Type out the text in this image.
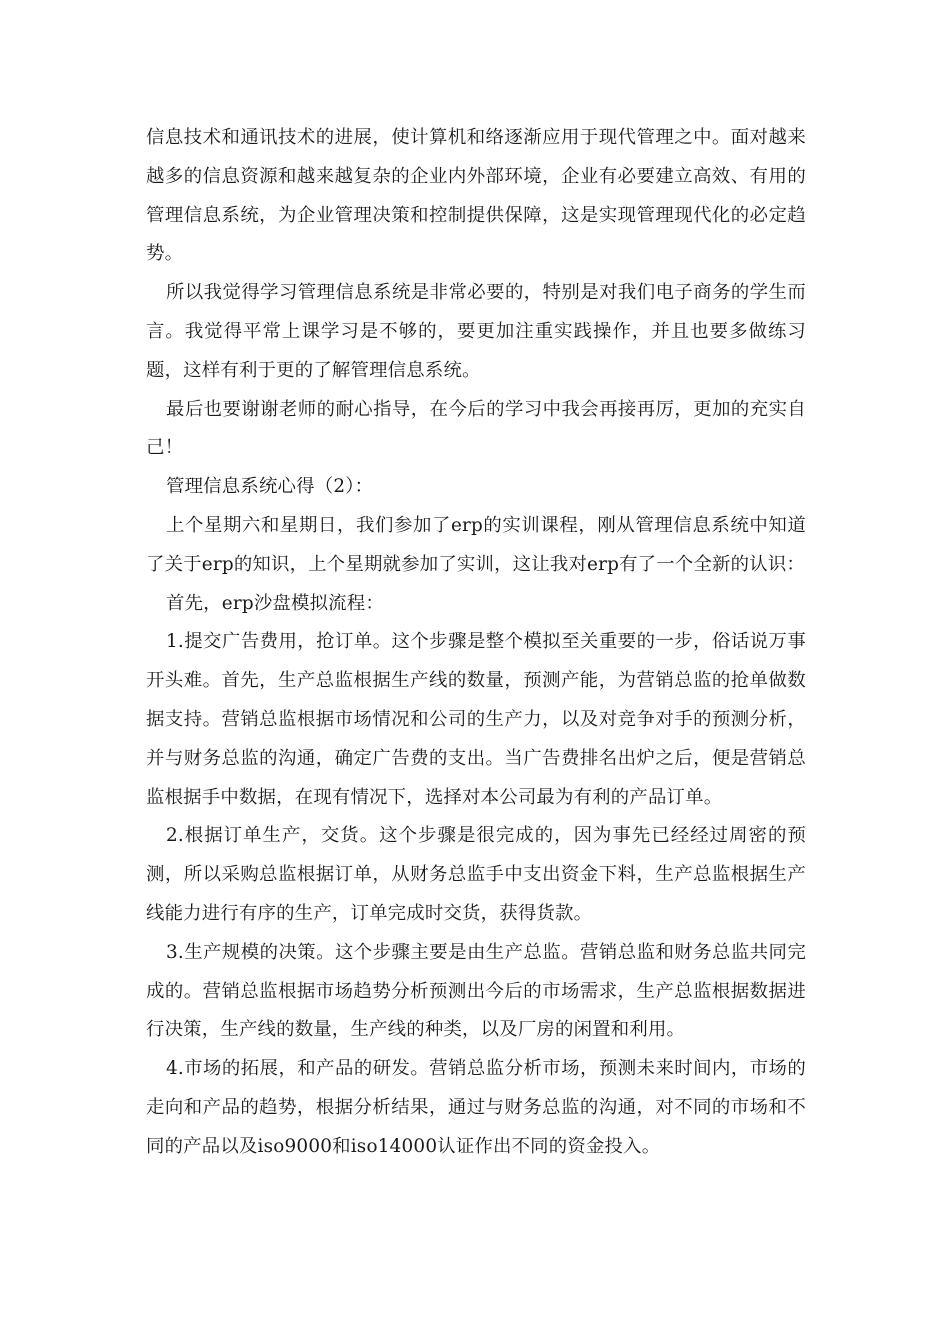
信息技术和通讯技术的进展，使计算机和络逐渐应用于现代管理之中。面对越来越多的信息资源和越来越复杂的企业内外部环境，企业有必要建立高效、有用的管理信息系统，为企业管理决策和控制提供保障，这是实现管理现代化的必定趋势。

所以我觉得学习管理信息系统是非常必要的，特别是对我们电子商务的学生而言。我觉得平常上课学习是不够的，要更加注重实践操作，并且也要多做练习题，这样有利于更的了解管理信息系统。

最后也要谢谢老师的耐心指导，在今后的学习中我会再接再厉，更加的充实自己！

管理信息系统心得（2）：

上个星期六和星期日，我们参加了erp的实训课程，刚从管理信息系统中知道了关于erp的知识，上个星期就参加了实训，这让我对erp有了一个全新的认识：

首先，erp沙盘模拟流程：

1.提交广告费用，抢订单。这个步骤是整个模拟至关重要的一步，俗话说万事开头难。首先，生产总监根据生产线的数量，预测产能，为营销总监的抢单做数据支持。营销总监根据市场情况和公司的生产力，以及对竞争对手的预测分析，并与财务总监的沟通，确定广告费的支出。当广告费排名出炉之后，便是营销总监根据手中数据，在现有情况下，选择对本公司最为有利的产品订单。

2.根据订单生产，交货。这个步骤是很完成的，因为事先已经经过周密的预测，所以采购总监根据订单，从财务总监手中支出资金下料，生产总监根据生产线能力进行有序的生产，订单完成时交货，获得货款。

3.生产规模的决策。这个步骤主要是由生产总监。营销总监和财务总监共同完成的。营销总监根据市场趋势分析预测出今后的市场需求，生产总监根据数据进行决策，生产线的数量，生产线的种类，以及厂房的闲置和利用。

4.市场的拓展，和产品的研发。营销总监分析市场，预测未来时间内，市场的走向和产品的趋势，根据分析结果，通过与财务总监的沟通，对不同的市场和不同的产品以及iso9000和iso14000认证作出不同的资金投入。
